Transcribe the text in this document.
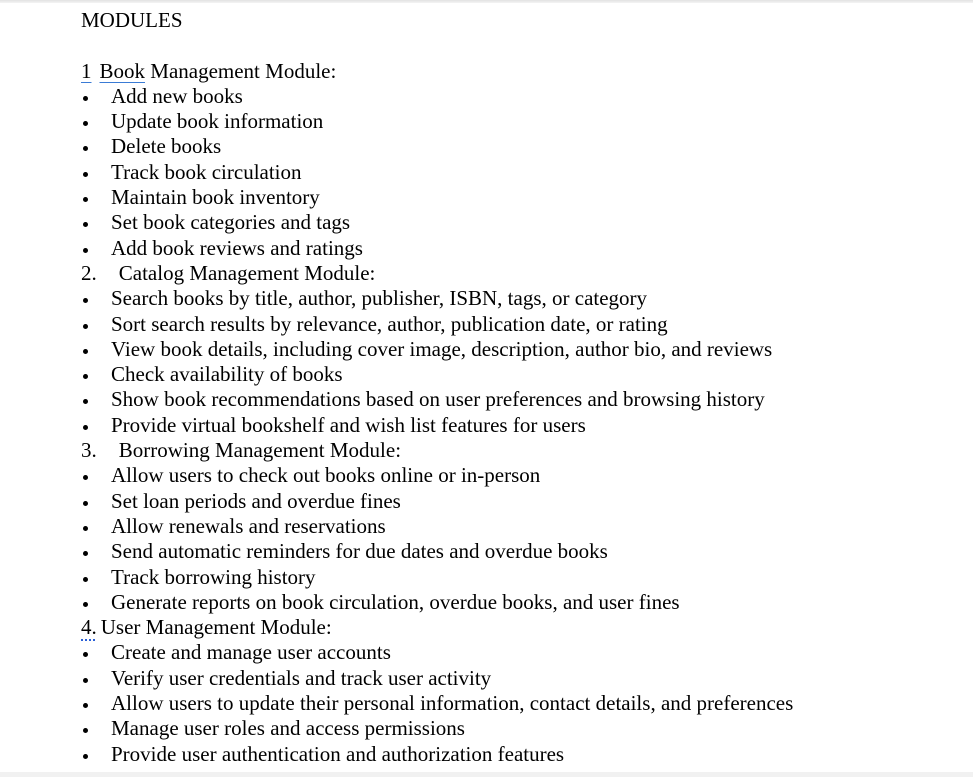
MODULES
1 Book Management Module:
Add new books
Update book information
Delete books
Track book circulation
Maintain book inventory
Set book categories and tags
Add book reviews and ratings
2. Catalog Management Module:
Search books by title, author, publisher, ISBN, tags, or category
Sort search results by relevance, author, publication date, or rating
View book details, including cover image, description, author bio, and reviews
Check availability of books
Show book recommendations based on user preferences and browsing history
Provide virtual bookshelf and wish list features for users
3. Borrowing Management Module:
Allow users to check out books online or in-person
Set loan periods and overdue fines
Allow renewals and reservations
Send automatic reminders for due dates and overdue books
Track borrowing history
Generate reports on book circulation, overdue books, and user fines
4. User Management Module:
Create and manage user accounts
Verify user credentials and track user activity
Allow users to update their personal information, contact details, and preferences
Manage user roles and access permissions
Provide user authentication and authorization features
